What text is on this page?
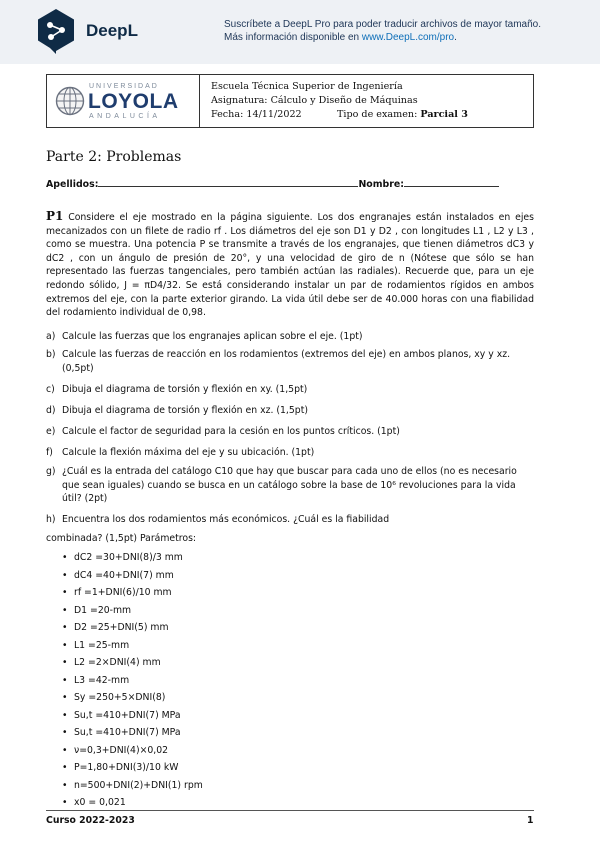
DeepL	Suscríbete a DeepL Pro para poder traducir archivos de mayor tamaño.
Más información disponible en www.DeepL.com/pro.
UNIVERSIDAD
LOYOLA
ANDALUCÍA
Escuela Técnica Superior de Ingeniería
Asignatura: Cálculo y Diseño de Máquinas
Fecha: 14/11/2022	Tipo de examen: Parcial 3
Parte 2: Problemas
Apellidos:	Nombre:
P1 Considere el eje mostrado en la página siguiente. Los dos engranajes están instalados en ejes mecanizados con un filete de radio rf . Los diámetros del eje son D1 y D2 , con longitudes L1 , L2 y L3 , como se muestra. Una potencia P se transmite a través de los engranajes, que tienen diámetros dC3 y dC2 , con un ángulo de presión de 20°, y una velocidad de giro de n (Nótese que sólo se han representado las fuerzas tangenciales, pero también actúan las radiales). Recuerde que, para un eje redondo sólido, J = πD4/32. Se está considerando instalar un par de rodamientos rígidos en ambos extremos del eje, con la parte exterior girando. La vida útil debe ser de 40.000 horas con una fiabilidad del rodamiento individual de 0,98.
a) Calcule las fuerzas que los engranajes aplican sobre el eje. (1pt)
b) Calcule las fuerzas de reacción en los rodamientos (extremos del eje) en ambos planos, xy y xz. (0,5pt)
c) Dibuja el diagrama de torsión y flexión en xy. (1,5pt)
d) Dibuja el diagrama de torsión y flexión en xz. (1,5pt)
e) Calcule el factor de seguridad para la cesión en los puntos críticos. (1pt)
f) Calcule la flexión máxima del eje y su ubicación. (1pt)
g) ¿Cuál es la entrada del catálogo C10 que hay que buscar para cada uno de ellos (no es necesario que sean iguales) cuando se busca en un catálogo sobre la base de 10⁶ revoluciones para la vida útil? (2pt)
h) Encuentra los dos rodamientos más económicos. ¿Cuál es la fiabilidad
combinada? (1,5pt) Parámetros:
• dC2 =30+DNI(8)/3 mm
• dC4 =40+DNI(7) mm
• rf =1+DNI(6)/10 mm
• D1 =20-mm
• D2 =25+DNI(5) mm
• L1 =25-mm
• L2 =2×DNI(4) mm
• L3 =42-mm
• Sy =250+5×DNI(8)
• Su,t =410+DNI(7) MPa
• Su,t =410+DNI(7) MPa
• ν=0,3+DNI(4)×0,02
• P=1,80+DNI(3)/10 kW
• n=500+DNI(2)+DNI(1) rpm
• x0 = 0,021
Curso 2022-2023	1
